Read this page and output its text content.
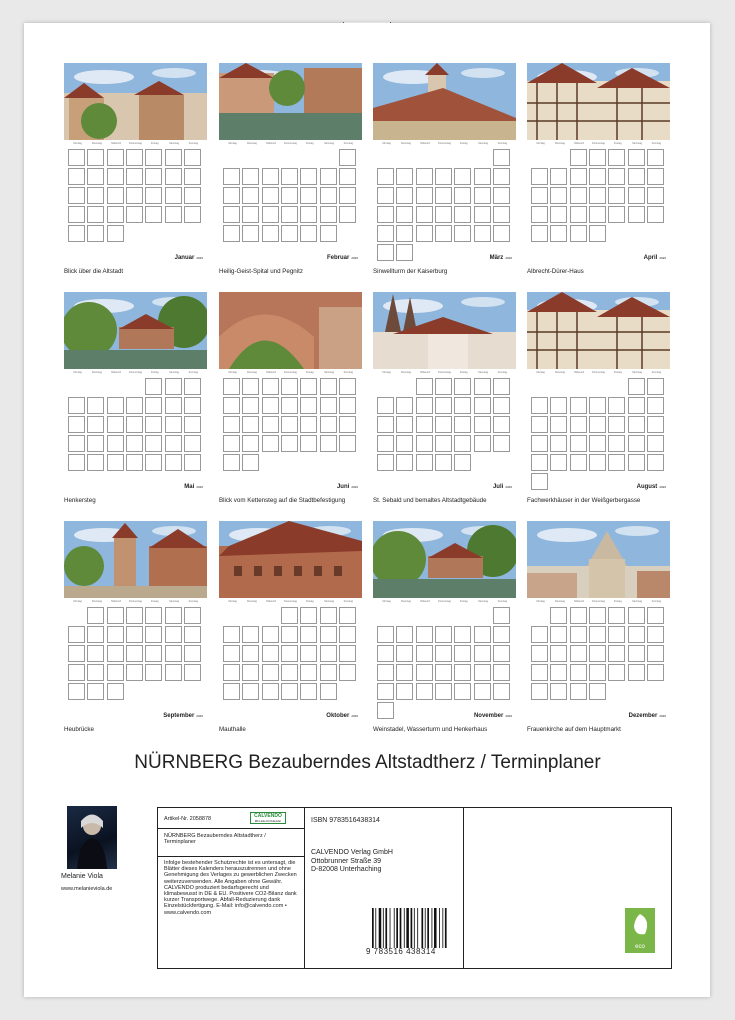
Montag	Dienstag	Mittwoch	Donnerstag	Freitag	Samstag	Sonntag
Januar 2026
Blick über die Altstadt
Montag	Dienstag	Mittwoch	Donnerstag	Freitag	Samstag	Sonntag
Februar 2026
Heilig-Geist-Spital und Pegnitz
Montag	Dienstag	Mittwoch	Donnerstag	Freitag	Samstag	Sonntag
März 2026
Sinwellturm der Kaiserburg
Montag	Dienstag	Mittwoch	Donnerstag	Freitag	Samstag	Sonntag
April 2026
Albrecht-Dürer-Haus
Montag	Dienstag	Mittwoch	Donnerstag	Freitag	Samstag	Sonntag
Mai 2026
Henkersteg
Montag	Dienstag	Mittwoch	Donnerstag	Freitag	Samstag	Sonntag
Juni 2026
Blick vom Kettensteg auf die Stadtbefestigung
Montag	Dienstag	Mittwoch	Donnerstag	Freitag	Samstag	Sonntag
Juli 2026
St. Sebald und bemaltes Altstadtgebäude
Montag	Dienstag	Mittwoch	Donnerstag	Freitag	Samstag	Sonntag
August 2026
Fachwerkhäuser in der Weißgerbergasse
Montag	Dienstag	Mittwoch	Donnerstag	Freitag	Samstag	Sonntag
September 2026
Heubrücke
Montag	Dienstag	Mittwoch	Donnerstag	Freitag	Samstag	Sonntag
Oktober 2026
Mauthalle
Montag	Dienstag	Mittwoch	Donnerstag	Freitag	Samstag	Sonntag
November 2026
Weinstadel, Wasserturm und Henkerhaus
Montag	Dienstag	Mittwoch	Donnerstag	Freitag	Samstag	Sonntag
Dezember 2026
Frauenkirche auf dem Hauptmarkt
NÜRNBERG Bezauberndes Altstadtherz / Terminplaner
Melanie Viola
www.melanieviola.de
Artikel-Nr. 2058878	CALVENDO
Mit Liebe für Kalender
NÜRNBERG Bezauberndes Altstadtherz / Terminplaner
Infolge bestehender Schutzrechte ist es untersagt, die Blätter dieses Kalenders herauszutrennen und ohne Genehmigung des Verlages zu gewerblichen Zwecken weiterzuverwenden. Alle Angaben ohne Gewähr. CALVENDO produziert bedarfsgerecht und klimabewusst in DE & EU. Positivere CO2-Bilanz dank kurzer Transportwege. Abfall-Reduzierung dank Einzelstückfertigung. E-Mail: info@calvendo.com • www.calvendo.com
ISBN 9783516438314
CALVENDO Verlag GmbH
Ottobrunner Straße 39
D-82008 Unterhaching
9 783516 438314	eco
